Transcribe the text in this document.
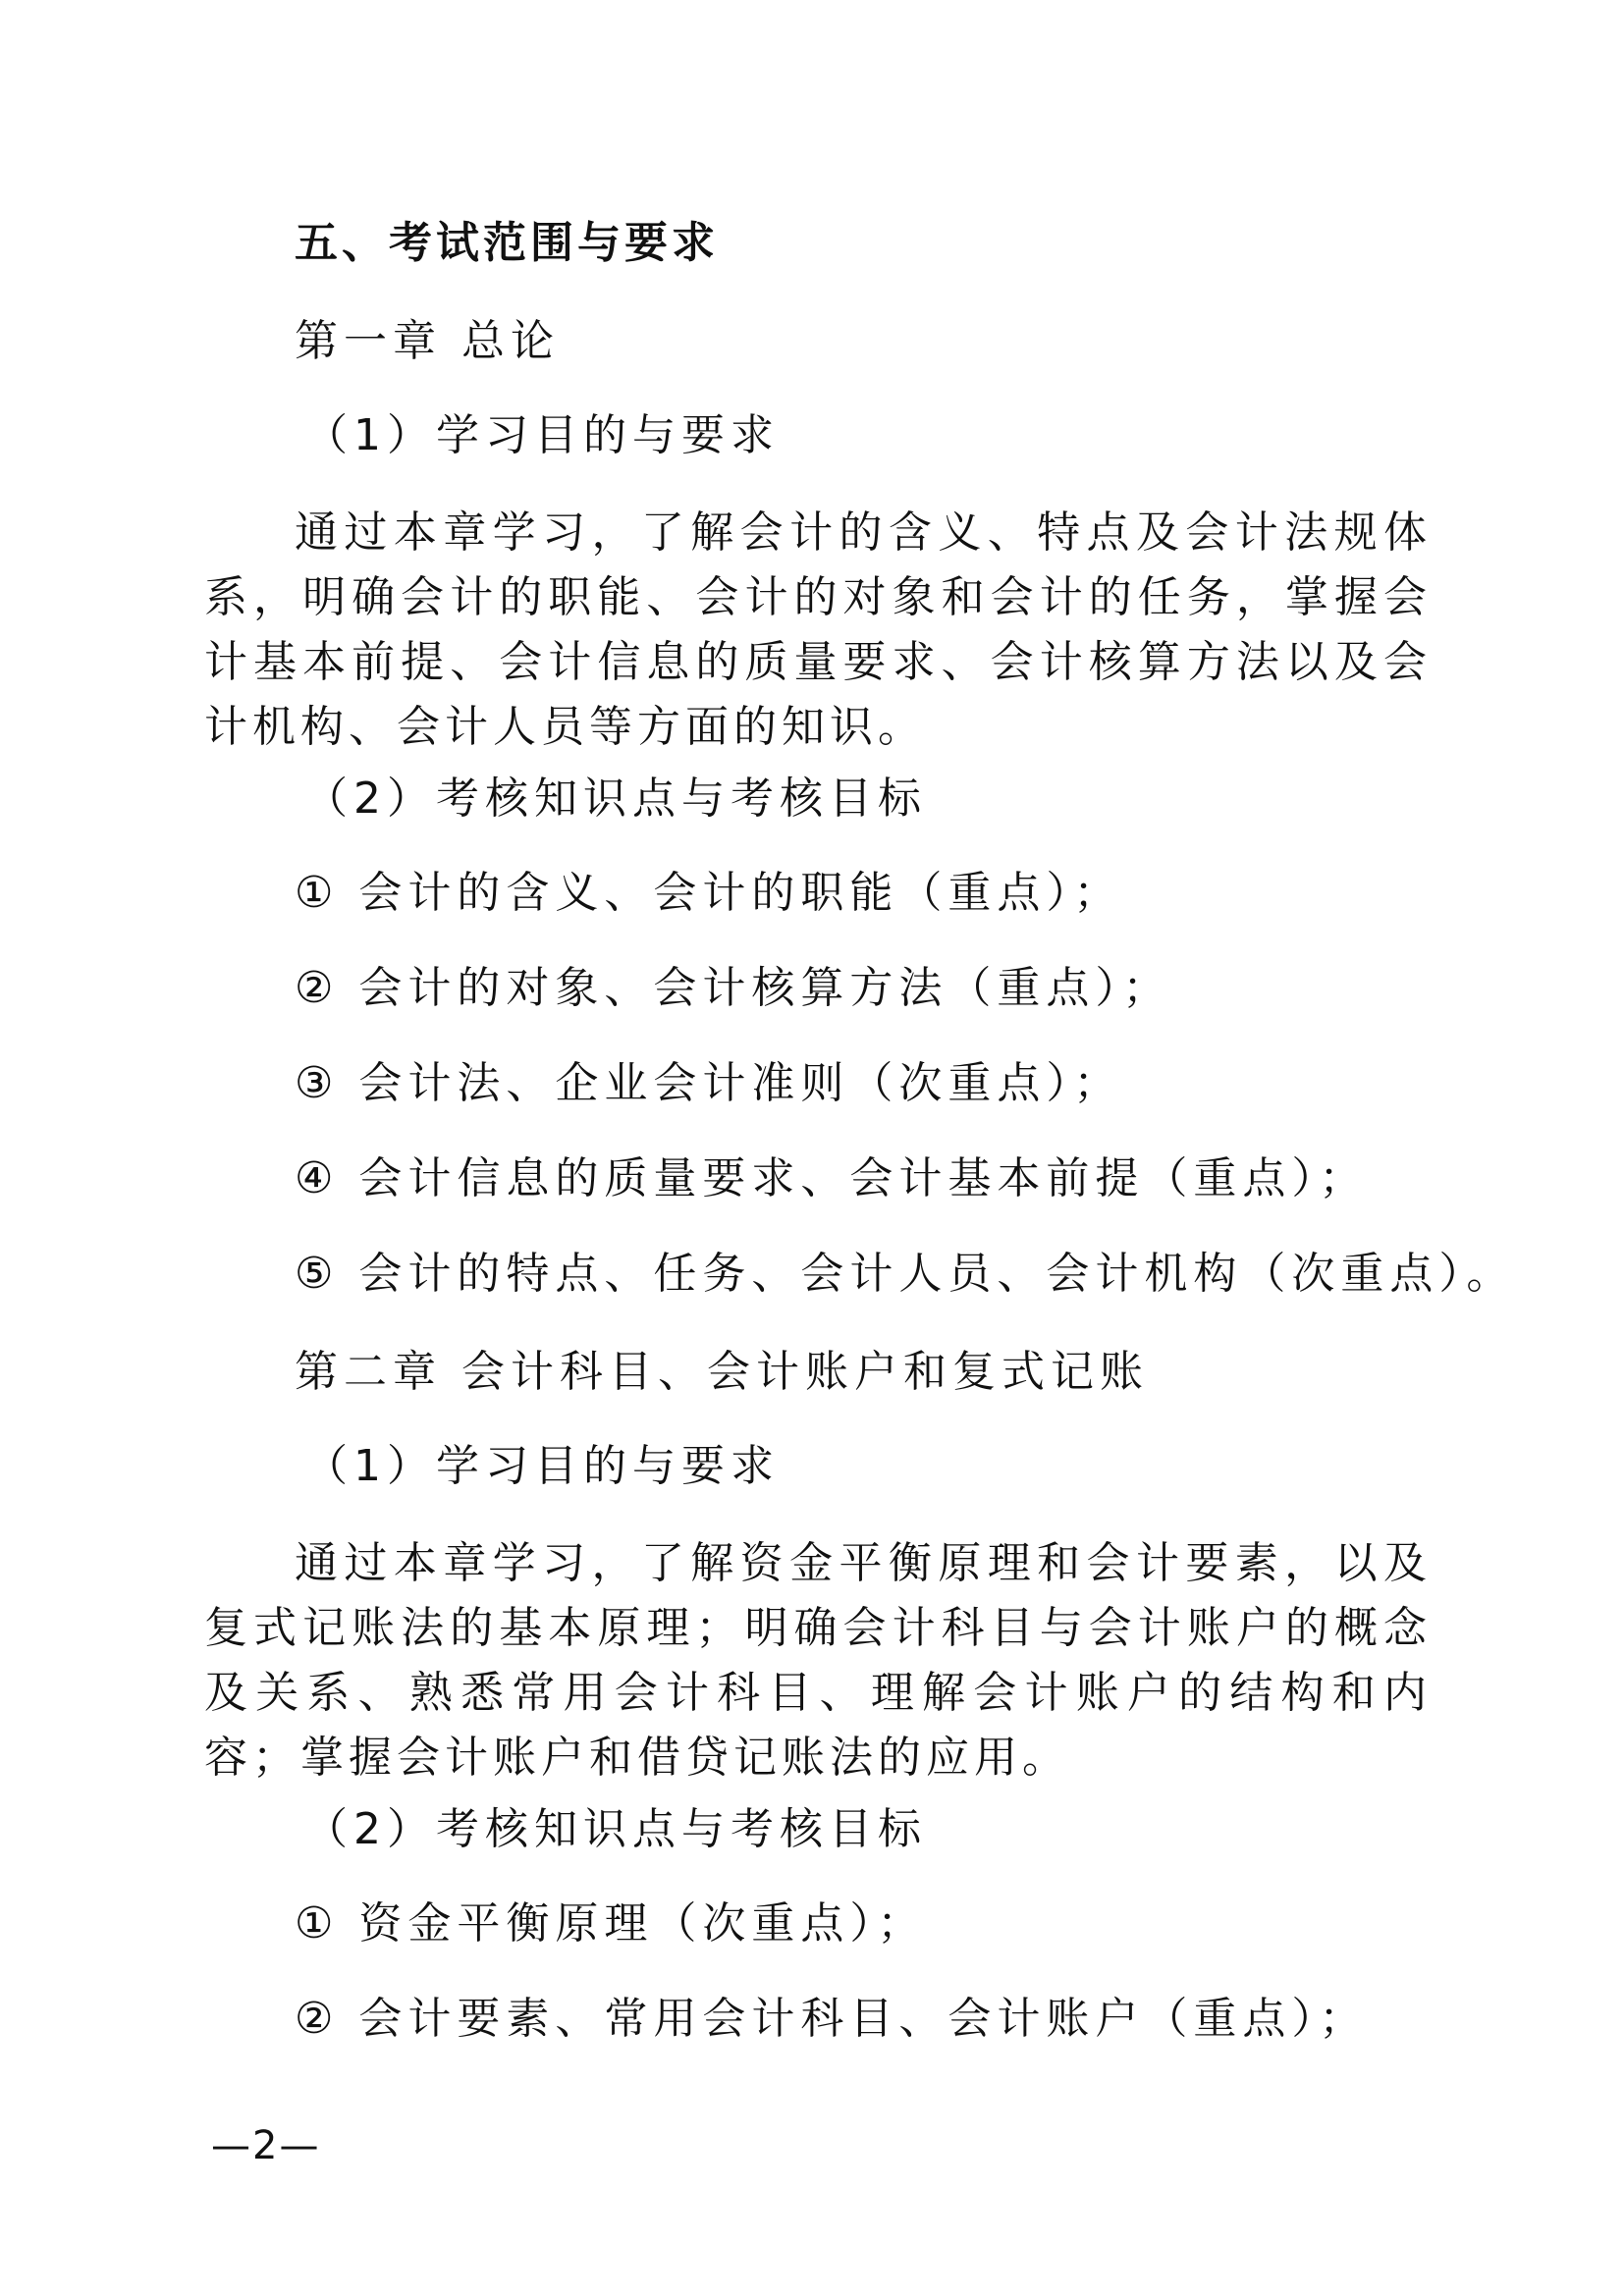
五、考试范围与要求
第一章 总论
（1）学习目的与要求
通过本章学习，了解会计的含义、特点及会计法规体系，明确会计的职能、会计的对象和会计的任务，掌握会计基本前提、会计信息的质量要求、会计核算方法以及会计机构、会计人员等方面的知识。
（2）考核知识点与考核目标
① 会计的含义、会计的职能（重点）；
② 会计的对象、会计核算方法（重点）；
③ 会计法、企业会计准则（次重点）；
④ 会计信息的质量要求、会计基本前提（重点）；
⑤ 会计的特点、任务、会计人员、会计机构（次重点）。
第二章 会计科目、会计账户和复式记账
（1）学习目的与要求
通过本章学习，了解资金平衡原理和会计要素，以及复式记账法的基本原理；明确会计科目与会计账户的概念及关系、熟悉常用会计科目、理解会计账户的结构和内容；掌握会计账户和借贷记账法的应用。
（2）考核知识点与考核目标
① 资金平衡原理（次重点）；
② 会计要素、常用会计科目、会计账户（重点）；
—2—
